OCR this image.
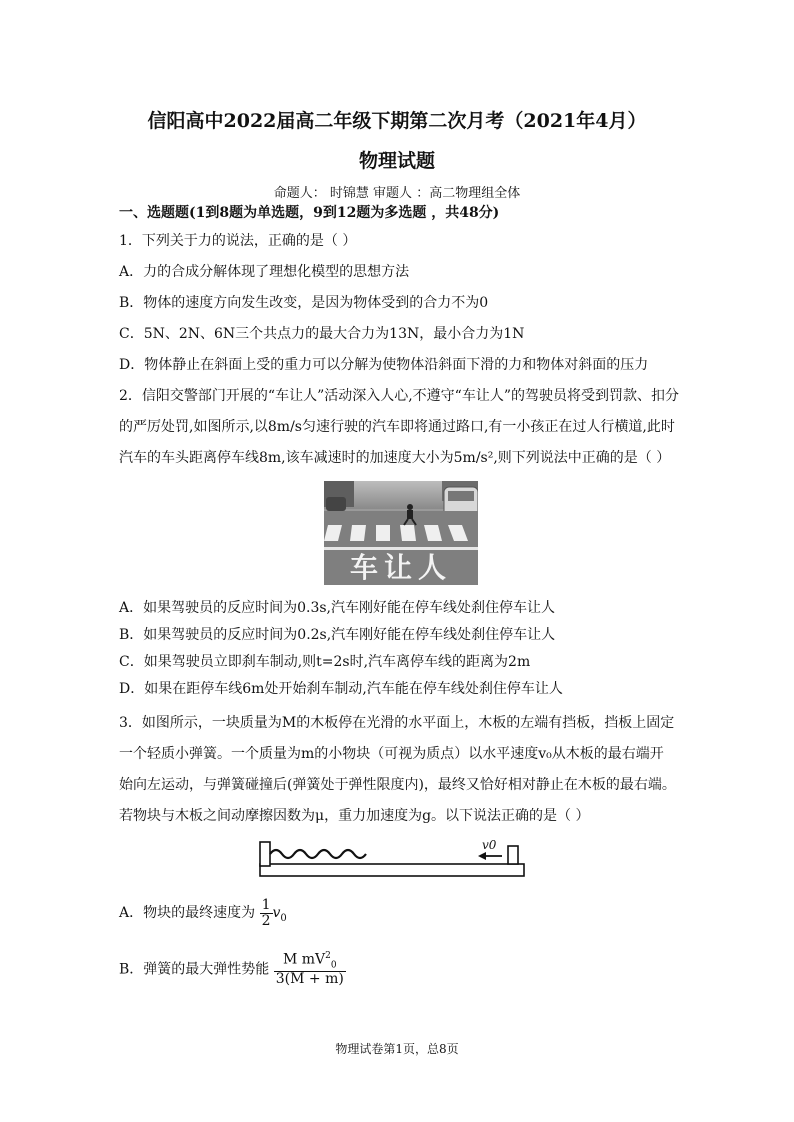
信阳高中2022届高二年级下期第二次月考（2021年4月）
物理试题
命题人： 时锦慧 审题人 ：高二物理组全体
一、选题题(1到8题为单选题，9到12题为多选题 ，共48分)
1．下列关于力的说法，正确的是（ ）
A．力的合成分解体现了理想化模型的思想方法
B．物体的速度方向发生改变，是因为物体受到的合力不为0
C．5N、2N、6N三个共点力的最大合力为13N，最小合力为1N
D．物体静止在斜面上受的重力可以分解为使物体沿斜面下滑的力和物体对斜面的压力
2．信阳交警部门开展的“车让人”活动深入人心,不遵守“车让人”的驾驶员将受到罚款、扣分
的严厉处罚,如图所示,以8m/s匀速行驶的汽车即将通过路口,有一小孩正在过人行横道,此时
汽车的车头距离停车线8m,该车减速时的加速度大小为5m/s²,则下列说法中正确的是（ ）
车让人
A．如果驾驶员的反应时间为0.3s,汽车刚好能在停车线处刹住停车让人
B．如果驾驶员的反应时间为0.2s,汽车刚好能在停车线处刹住停车让人
C．如果驾驶员立即刹车制动,则t=2s时,汽车离停车线的距离为2m
D．如果在距停车线6m处开始刹车制动,汽车能在停车线处刹住停车让人
3．如图所示，一块质量为M的木板停在光滑的水平面上，木板的左端有挡板，挡板上固定
一个轻质小弹簧。一个质量为m的小物块（可视为质点）以水平速度v₀从木板的最右端开
始向左运动，与弹簧碰撞后(弹簧处于弹性限度内)，最终又恰好相对静止在木板的最右端。
若物块与木板之间动摩擦因数为μ，重力加速度为g。以下说法正确的是（ ）
v0
A．物块的最终速度为 $\frac{1}{2} v_0$
B．弹簧的最大弹性势能 $\frac{M mV^2_0}{3(M + m)}$
物理试卷第1页，总8页
